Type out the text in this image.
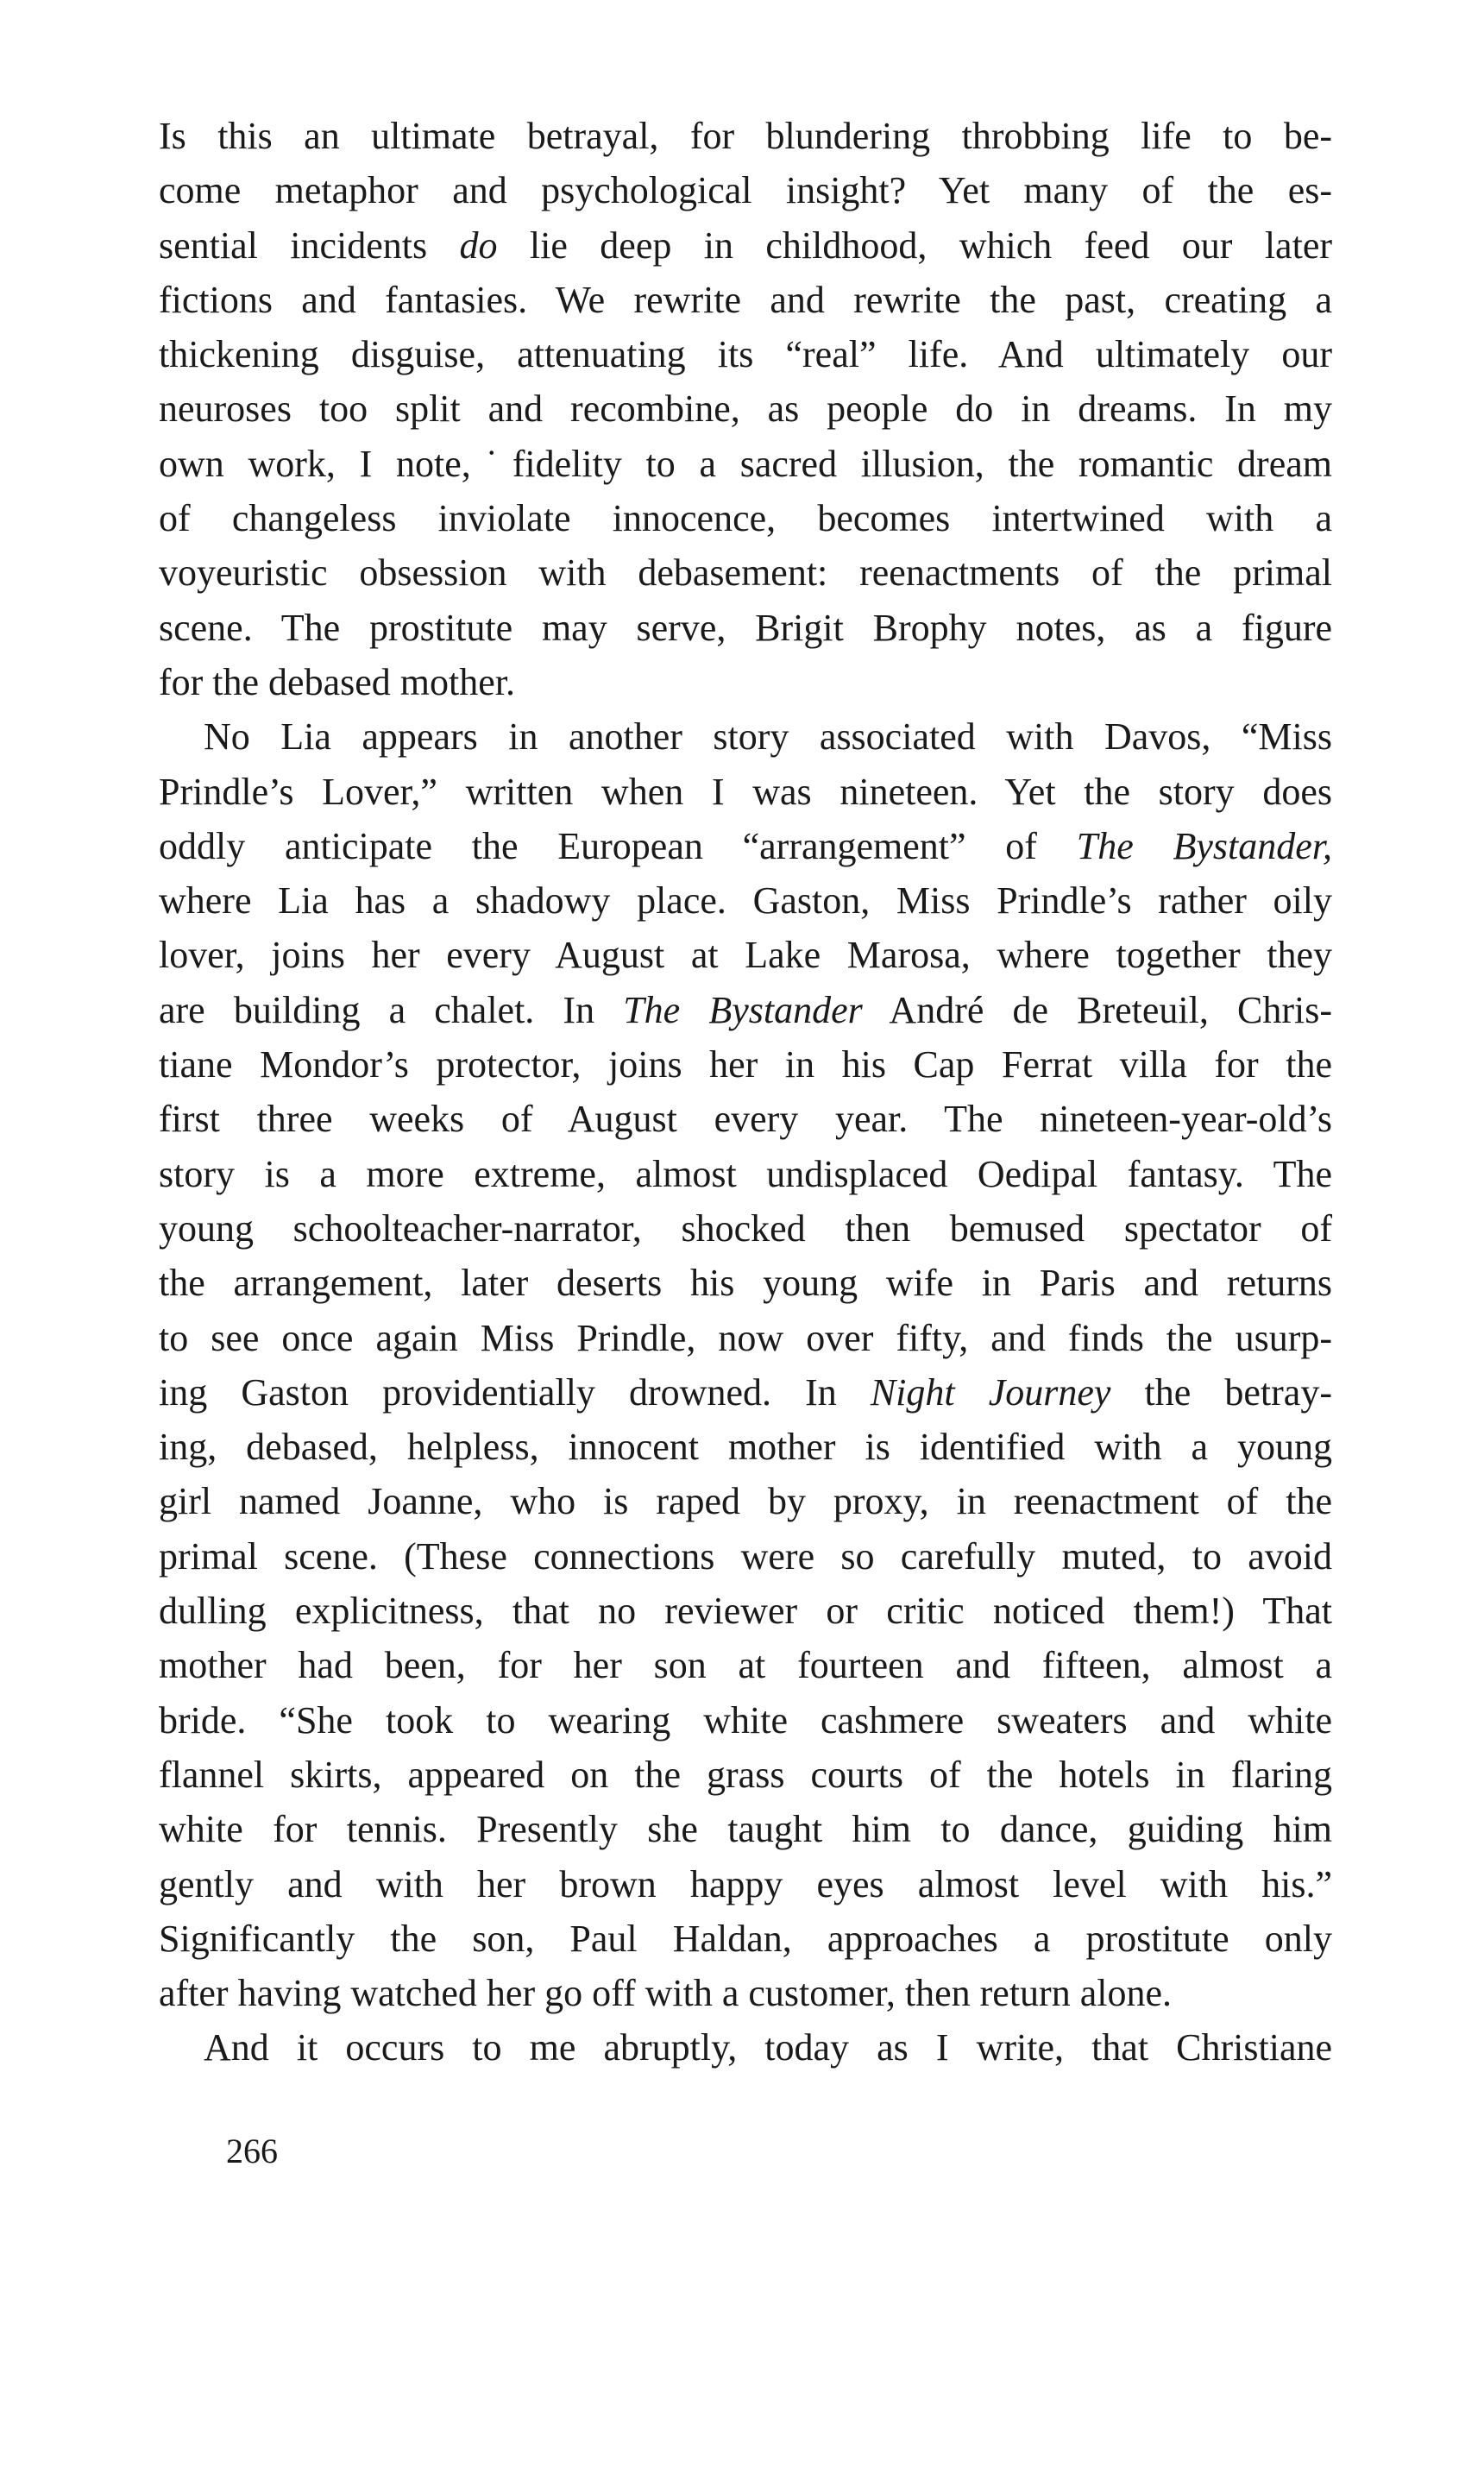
Is this an ultimate betrayal, for blundering throbbing life to be-
come metaphor and psychological insight? Yet many of the es-
sential incidents do lie deep in childhood, which feed our later
fictions and fantasies. We rewrite and rewrite the past, creating a
thickening disguise, attenuating its “real” life. And ultimately our
neuroses too split and recombine, as people do in dreams. In my
own work, I note,˙fidelity to a sacred illusion, the romantic dream
of changeless inviolate innocence, becomes intertwined with a
voyeuristic obsession with debasement: reenactments of the primal
scene. The prostitute may serve, Brigit Brophy notes, as a figure
for the debased mother.
No Lia appears in another story associated with Davos, “Miss
Prindle’s Lover,” written when I was nineteen. Yet the story does
oddly anticipate the European “arrangement” of The Bystander,
where Lia has a shadowy place. Gaston, Miss Prindle’s rather oily
lover, joins her every August at Lake Marosa, where together they
are building a chalet. In The Bystander André de Breteuil, Chris-
tiane Mondor’s protector, joins her in his Cap Ferrat villa for the
first three weeks of August every year. The nineteen-year-old’s
story is a more extreme, almost undisplaced Oedipal fantasy. The
young schoolteacher-narrator, shocked then bemused spectator of
the arrangement, later deserts his young wife in Paris and returns
to see once again Miss Prindle, now over fifty, and finds the usurp-
ing Gaston providentially drowned. In Night Journey the betray-
ing, debased, helpless, innocent mother is identified with a young
girl named Joanne, who is raped by proxy, in reenactment of the
primal scene. (These connections were so carefully muted, to avoid
dulling explicitness, that no reviewer or critic noticed them!) That
mother had been, for her son at fourteen and fifteen, almost a
bride. “She took to wearing white cashmere sweaters and white
flannel skirts, appeared on the grass courts of the hotels in flaring
white for tennis. Presently she taught him to dance, guiding him
gently and with her brown happy eyes almost level with his.”
Significantly the son, Paul Haldan, approaches a prostitute only
after having watched her go off with a customer, then return alone.
And it occurs to me abruptly, today as I write, that Christiane
266
